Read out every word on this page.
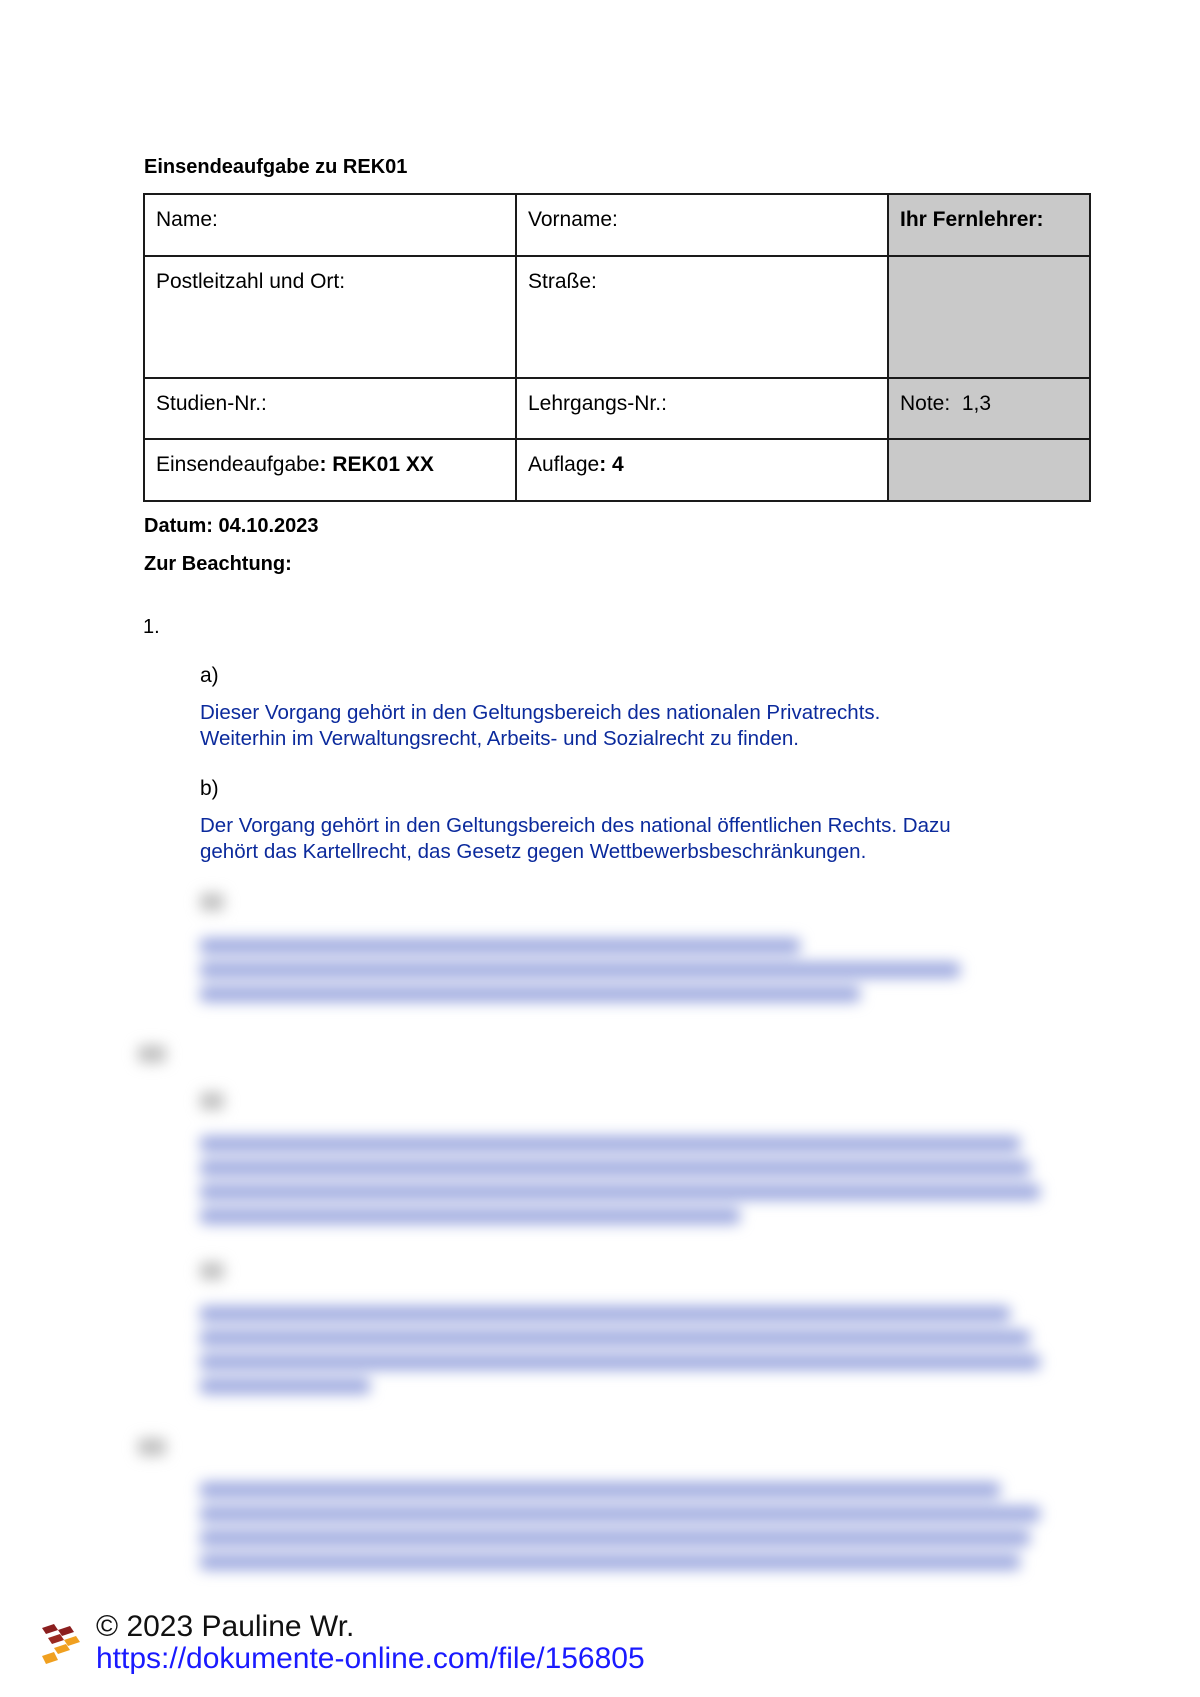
Einsendeaufgabe zu REK01
Name:	Vorname:	Ihr Fernlehrer:
Postleitzahl und Ort:	Straße:	
Studien-Nr.:	Lehrgangs-Nr.:	Note: 1,3
Einsendeaufgabe: REK01 XX	Auflage: 4	
Datum: 04.10.2023
Zur Beachtung:
1.
a)
Dieser Vorgang gehört in den Geltungsbereich des nationalen Privatrechts.
Weiterhin im Verwaltungsrecht, Arbeits- und Sozialrecht zu finden.
b)
Der Vorgang gehört in den Geltungsbereich des national öffentlichen Rechts. Dazu
gehört das Kartellrecht, das Gesetz gegen Wettbewerbsbeschränkungen.
© 2023 Pauline Wr.
https://dokumente-online.com/file/156805
